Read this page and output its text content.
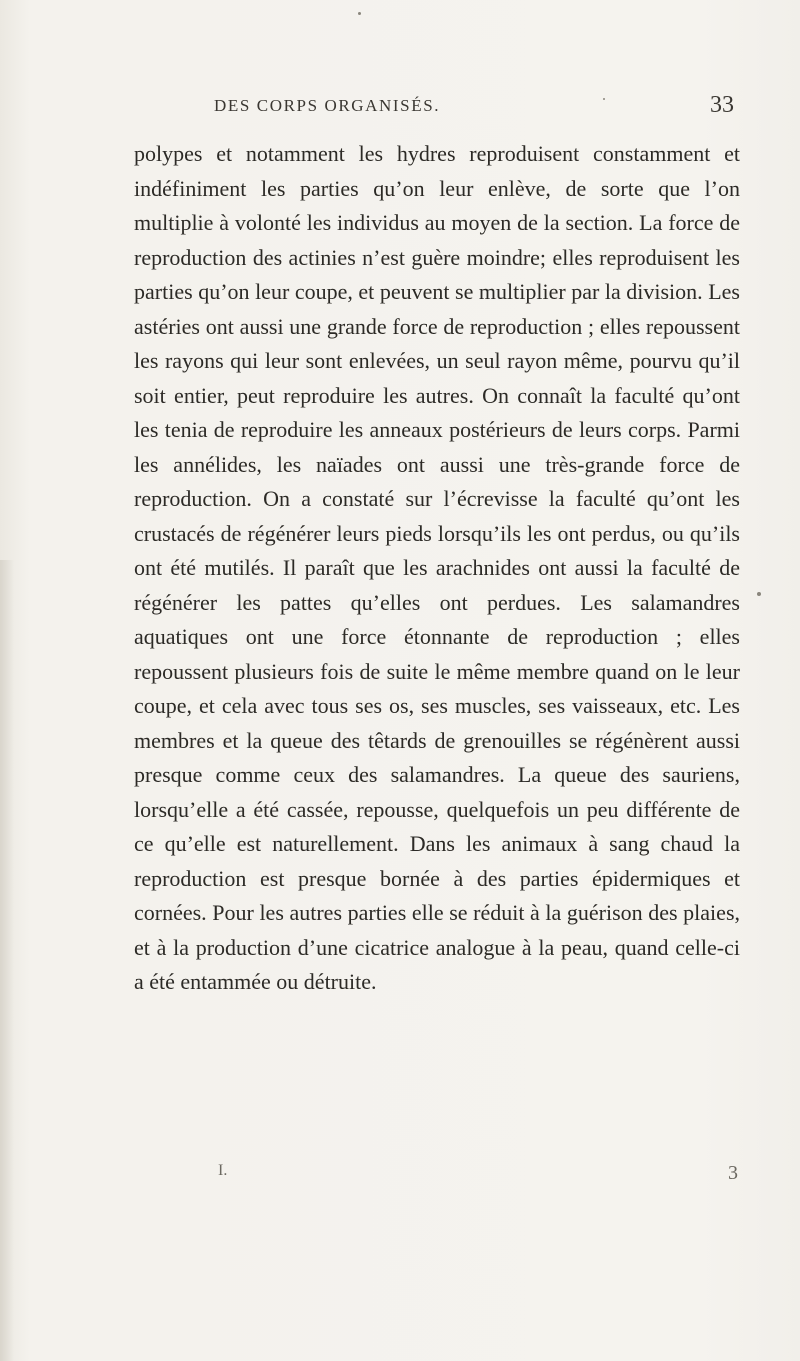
DES CORPS ORGANISÉS.	33

polypes et notamment les hydres reproduisent constamment et indéfiniment les parties qu’on leur enlève, de sorte que l’on multiplie à volonté les individus au moyen de la section. La force de reproduction des actinies n’est guère moindre; elles reproduisent les parties qu’on leur coupe, et peuvent se multiplier par la division. Les astéries ont aussi une grande force de reproduction ; elles repoussent les rayons qui leur sont enlevées, un seul rayon même, pourvu qu’il soit entier, peut reproduire les autres. On connaît la faculté qu’ont les tenia de reproduire les anneaux postérieurs de leurs corps. Parmi les annélides, les naïades ont aussi une très-grande force de reproduction. On a constaté sur l’écrevisse la faculté qu’ont les crustacés de régénérer leurs pieds lorsqu’ils les ont perdus, ou qu’ils ont été mutilés. Il paraît que les arachnides ont aussi la faculté de régénérer les pattes qu’elles ont perdues. Les salamandres aquatiques ont une force étonnante de reproduction ; elles repoussent plusieurs fois de suite le même membre quand on le leur coupe, et cela avec tous ses os, ses muscles, ses vaisseaux, etc. Les membres et la queue des têtards de grenouilles se régénèrent aussi presque comme ceux des salamandres. La queue des sauriens, lorsqu’elle a été cassée, repousse, quelquefois un peu différente de ce qu’elle est naturellement. Dans les animaux à sang chaud la reproduction est presque bornée à des parties épidermiques et cornées. Pour les autres parties elle se réduit à la guérison des plaies, et à la production d’une cicatrice analogue à la peau, quand celle-ci a été entammée ou détruite.

I.	3
